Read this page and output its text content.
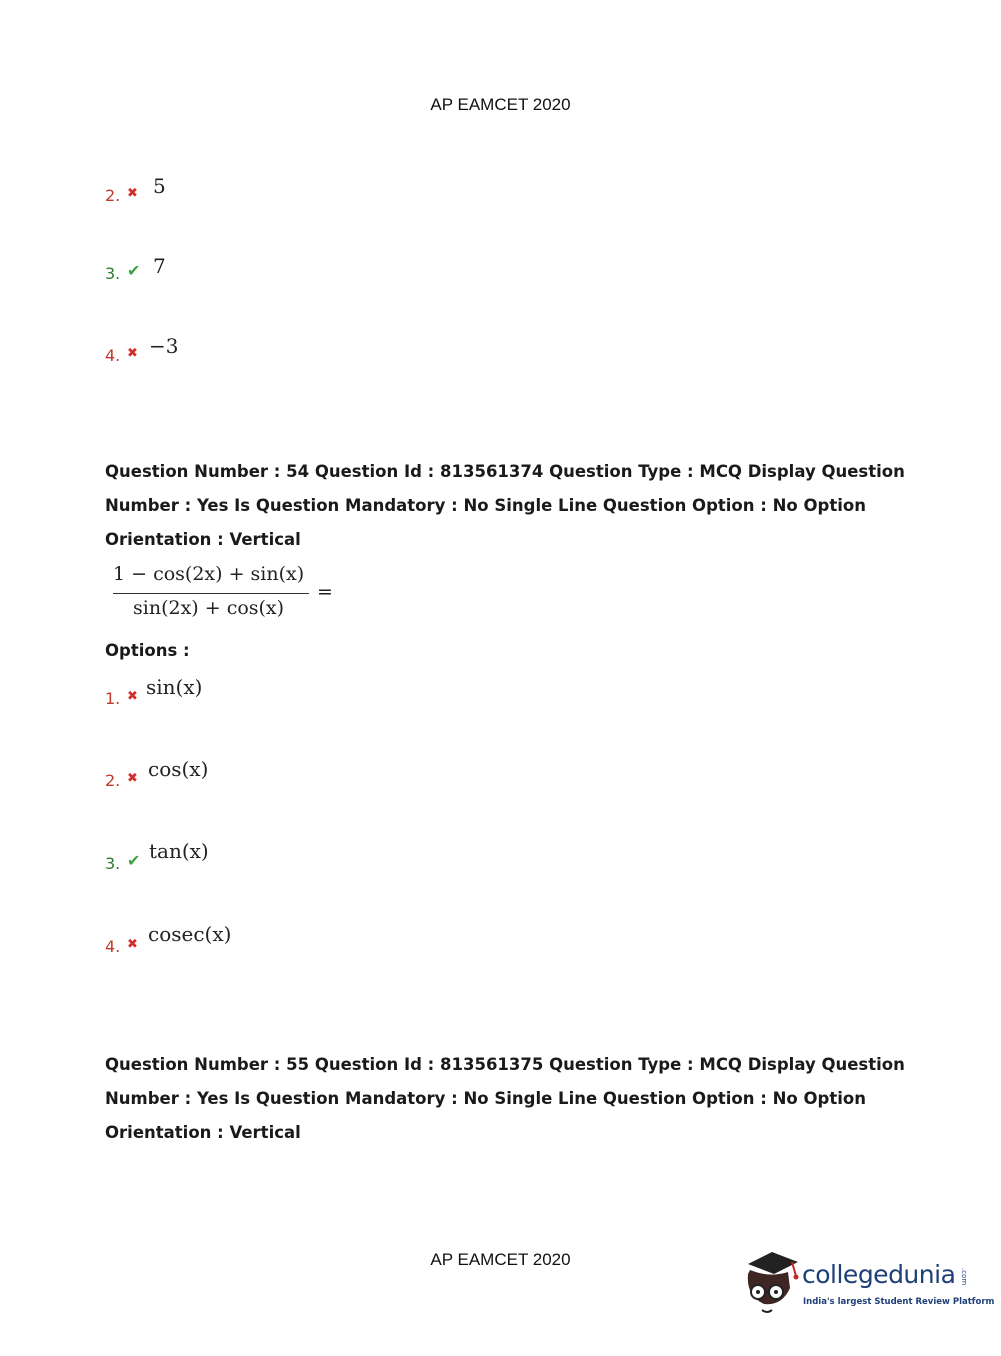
AP EAMCET 2020
2. ✖ 5
3. ✔ 7
4. ✖ −3
Question Number : 54 Question Id : 813561374 Question Type : MCQ Display Question
Number : Yes Is Question Mandatory : No Single Line Question Option : No Option
Orientation : Vertical
1 − cos(2x) + sin(x)
sin(2x) + cos(x)
=
Options :
1. ✖ sin(x)
2. ✖ cos(x)
3. ✔ tan(x)
4. ✖ cosec(x)
Question Number : 55 Question Id : 813561375 Question Type : MCQ Display Question
Number : Yes Is Question Mandatory : No Single Line Question Option : No Option
Orientation : Vertical
AP EAMCET 2020
collegedunia .com
India's largest Student Review Platform
